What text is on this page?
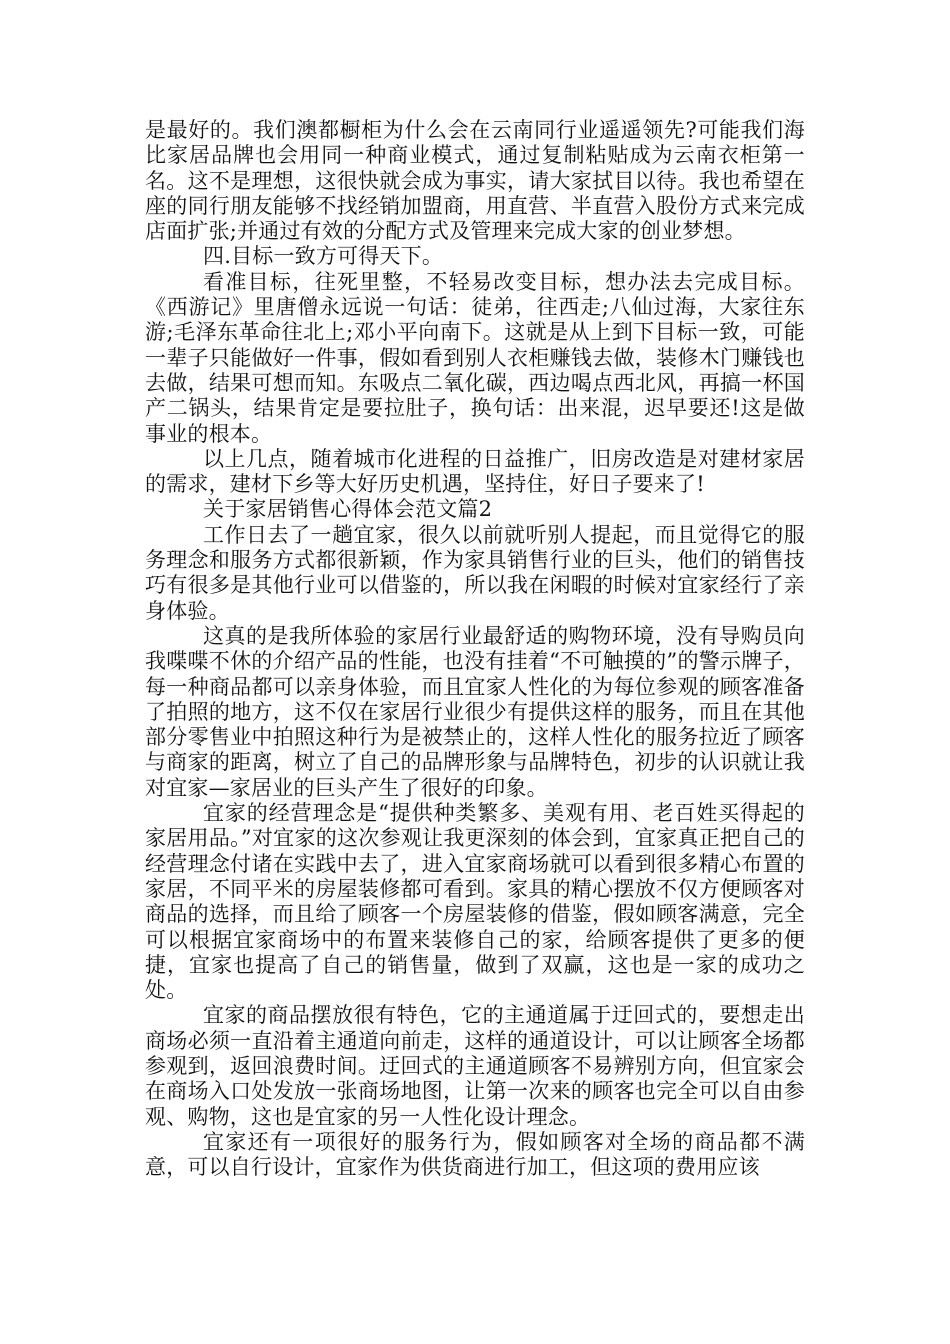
是最好的。我们澳都橱柜为什么会在云南同行业遥遥领先?可能我们海比家居品牌也会用同一种商业模式，通过复制粘贴成为云南衣柜第一名。这不是理想，这很快就会成为事实，请大家拭目以待。我也希望在座的同行朋友能够不找经销加盟商，用直营、半直营入股份方式来完成店面扩张;并通过有效的分配方式及管理来完成大家的创业梦想。

四.目标一致方可得天下。

看准目标，往死里整，不轻易改变目标，想办法去完成目标。《西游记》里唐僧永远说一句话：徒弟，往西走;八仙过海，大家往东游;毛泽东革命往北上;邓小平向南下。这就是从上到下目标一致，可能一辈子只能做好一件事，假如看到别人衣柜赚钱去做，装修木门赚钱也去做，结果可想而知。东吸点二氧化碳，西边喝点西北风，再搞一杯国产二锅头，结果肯定是要拉肚子，换句话：出来混，迟早要还!这是做事业的根本。

以上几点，随着城市化进程的日益推广，旧房改造是对建材家居的需求，建材下乡等大好历史机遇，坚持住，好日子要来了!

关于家居销售心得体会范文篇2

工作日去了一趟宜家，很久以前就听别人提起，而且觉得它的服务理念和服务方式都很新颖，作为家具销售行业的巨头，他们的销售技巧有很多是其他行业可以借鉴的，所以我在闲暇的时候对宜家经行了亲身体验。

这真的是我所体验的家居行业最舒适的购物环境，没有导购员向我喋喋不休的介绍产品的性能，也没有挂着“不可触摸的”的警示牌子，每一种商品都可以亲身体验，而且宜家人性化的为每位参观的顾客准备了拍照的地方，这不仅在家居行业很少有提供这样的服务，而且在其他部分零售业中拍照这种行为是被禁止的，这样人性化的服务拉近了顾客与商家的距离，树立了自己的品牌形象与品牌特色，初步的认识就让我对宜家—家居业的巨头产生了很好的印象。

宜家的经营理念是“提供种类繁多、美观有用、老百姓买得起的家居用品。”对宜家的这次参观让我更深刻的体会到，宜家真正把自己的经营理念付诸在实践中去了，进入宜家商场就可以看到很多精心布置的家居，不同平米的房屋装修都可看到。家具的精心摆放不仅方便顾客对商品的选择，而且给了顾客一个房屋装修的借鉴，假如顾客满意，完全可以根据宜家商场中的布置来装修自己的家，给顾客提供了更多的便捷，宜家也提高了自己的销售量，做到了双赢，这也是一家的成功之处。

宜家的商品摆放很有特色，它的主通道属于迂回式的，要想走出商场必须一直沿着主通道向前走，这样的通道设计，可以让顾客全场都参观到，返回浪费时间。迂回式的主通道顾客不易辨别方向，但宜家会在商场入口处发放一张商场地图，让第一次来的顾客也完全可以自由参观、购物，这也是宜家的另一人性化设计理念。

宜家还有一项很好的服务行为，假如顾客对全场的商品都不满意，可以自行设计，宜家作为供货商进行加工，但这项的费用应该
